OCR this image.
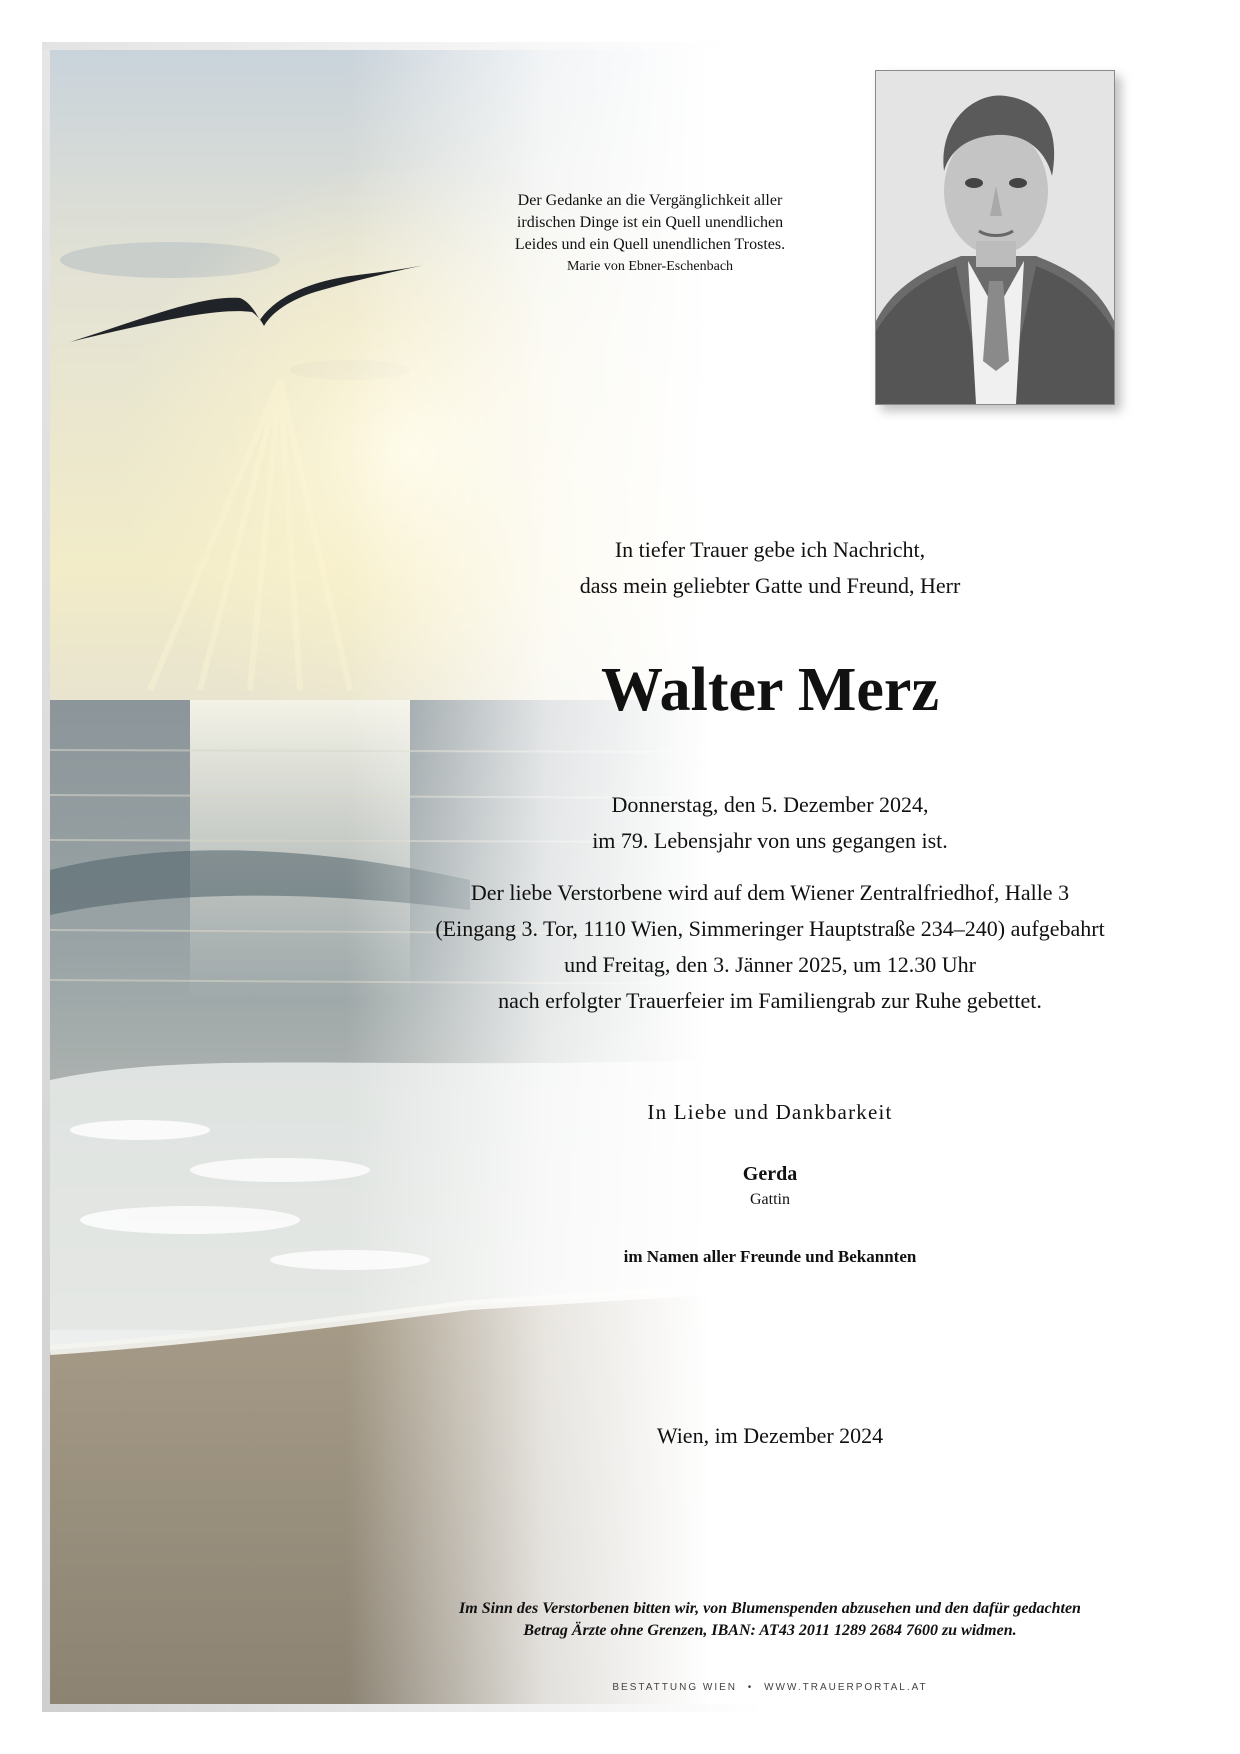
Der Gedanke an die Vergänglichkeit aller
irdischen Dinge ist ein Quell unendlichen
Leides und ein Quell unendlichen Trostes.
Marie von Ebner-Eschenbach
In tiefer Trauer gebe ich Nachricht,
dass mein geliebter Gatte und Freund, Herr
Walter Merz
Donnerstag, den 5. Dezember 2024,
im 79. Lebensjahr von uns gegangen ist.
Der liebe Verstorbene wird auf dem Wiener Zentralfriedhof, Halle 3
(Eingang 3. Tor, 1110 Wien, Simmeringer Hauptstraße 234–240) aufgebahrt
und Freitag, den 3. Jänner 2025, um 12.30 Uhr
nach erfolgter Trauerfeier im Familiengrab zur Ruhe gebettet.
In Liebe und Dankbarkeit
Gerda
Gattin
im Namen aller Freunde und Bekannten
Wien, im Dezember 2024
Im Sinn des Verstorbenen bitten wir, von Blumenspenden abzusehen und den dafür gedachten
Betrag Ärzte ohne Grenzen, IBAN: AT43 2011 1289 2684 7600 zu widmen.
BESTATTUNG WIEN • WWW.TRAUERPORTAL.AT
